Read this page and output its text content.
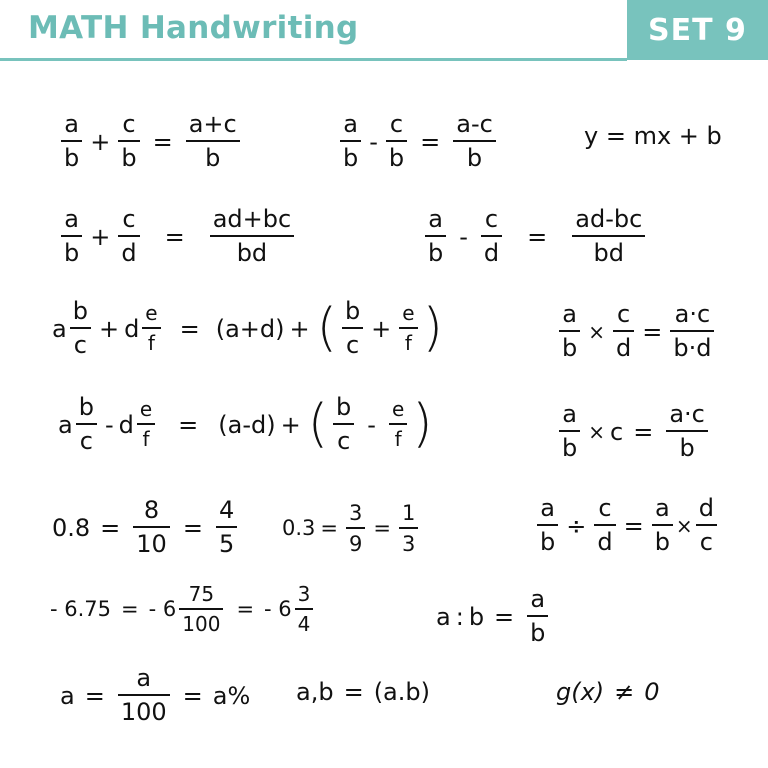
MATH Handwriting	SET 9
$\frac{a}{b} + \frac{c}{b} = \frac{a+c}{b}$	$\frac{a}{b} - \frac{c}{b} = \frac{a-c}{b}$	y = mx + b
$\frac{a}{b} + \frac{c}{d} = \frac{ad+bc}{bd}$	$\frac{a}{b} - \frac{c}{d} = \frac{ad-bc}{bd}$
a $\frac{b}{c} + d \frac{e}{f}$ = ( a+d ) + ( $\frac{b}{c} + \frac{e}{f}$ )	$\frac{a}{b} \times \frac{c}{d} = \frac{a\cdot c}{b\cdot d}$
a $\frac{b}{c}$ - d $\frac{e}{f}$ = ( a-d ) + ( $\frac{b}{c} - \frac{e}{f}$ )	$\frac{a}{b} \times c = \frac{a\cdot c}{b}$
$0.8 = \frac{8}{10} = \frac{4}{5} 0.3 = \frac{3}{9} = \frac{1}{3}$	$\frac{a}{b} \div \frac{c}{d} = \frac{a}{b} \times \frac{d}{c}$
- 6.75 = - $6 \frac{75}{100}$ = - $6 \frac{3}{4}$	a : $b = \frac{a}{b}$
$a = \frac{a}{100} = a\%$ a,b = (a.b)	g(x) ≠ 0
